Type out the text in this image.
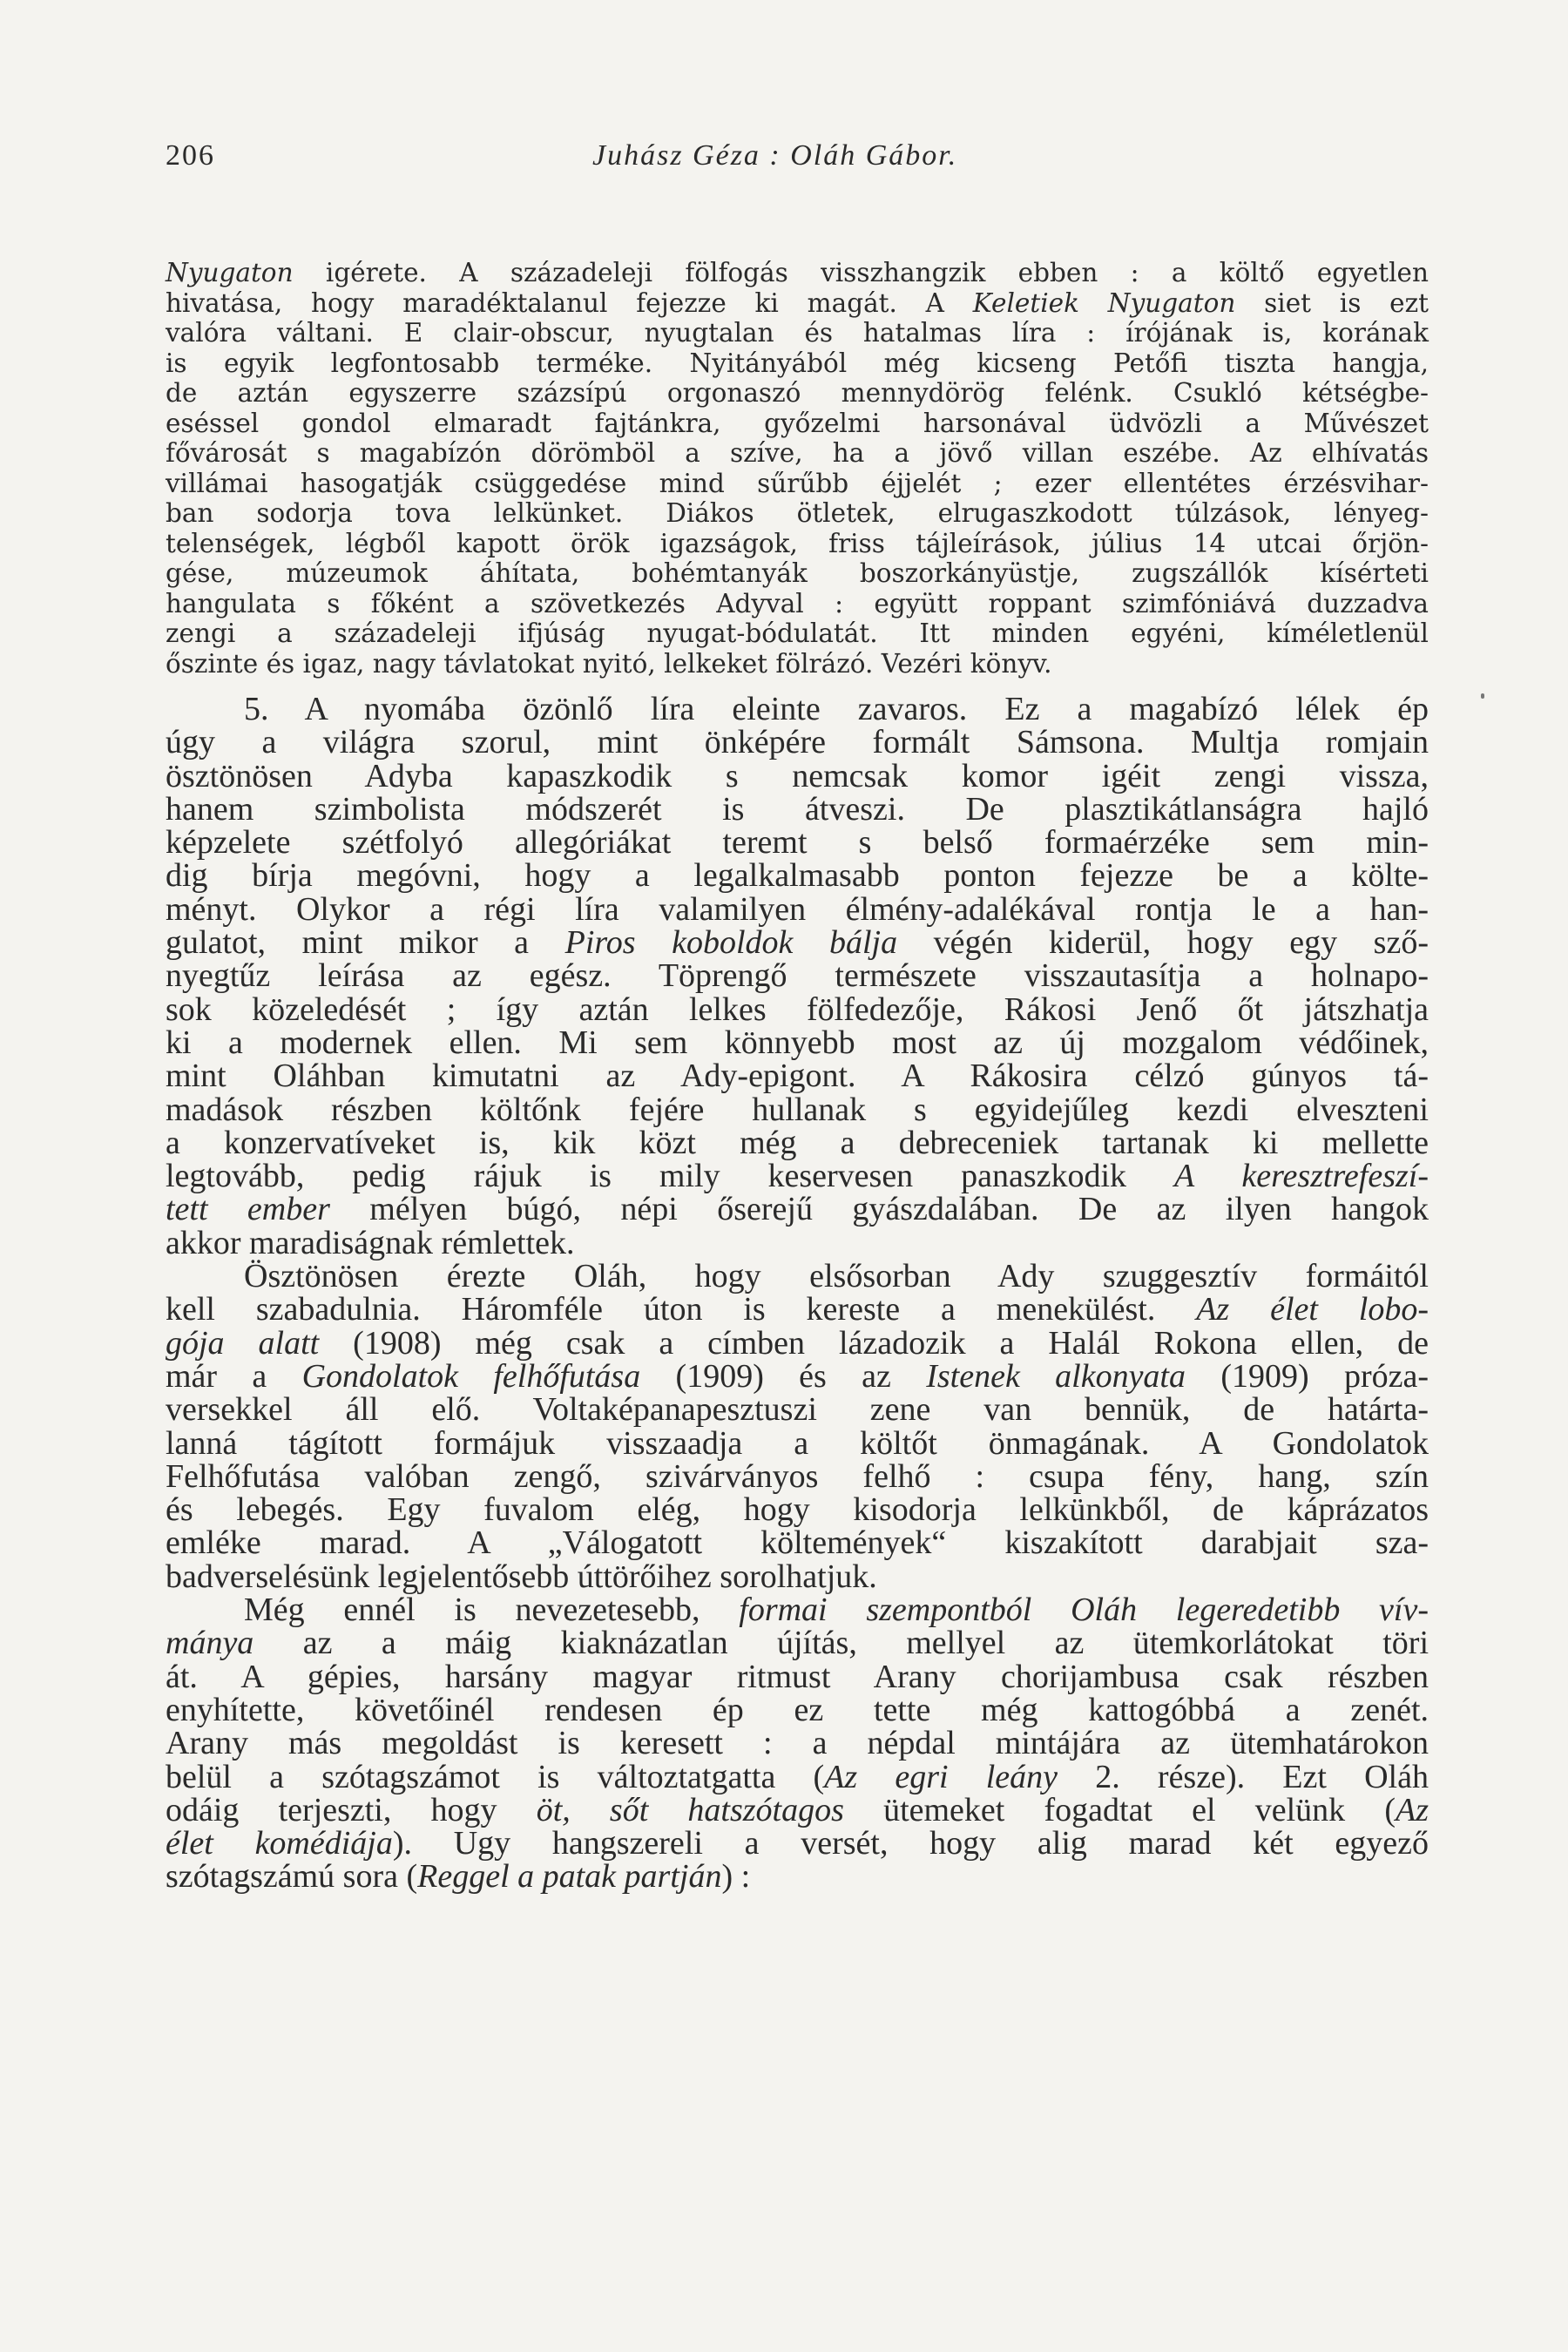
206	Juhász Géza : Oláh Gábor.
Nyugaton igérete. A századeleji fölfogás visszhangzik ebben : a költő egyetlen
hivatása, hogy maradéktalanul fejezze ki magát. A Keletiek Nyugaton siet is ezt
valóra váltani. E clair-obscur, nyugtalan és hatalmas líra : írójának is, korának
is egyik legfontosabb terméke. Nyitányából még kicseng Petőfi tiszta hangja,
de aztán egyszerre százsípú orgonaszó mennydörög felénk. Csukló kétségbe-
eséssel gondol elmaradt fajtánkra, győzelmi harsonával üdvözli a Művészet
fővárosát s magabízón dörömböl a szíve, ha a jövő villan eszébe. Az elhívatás
villámai hasogatják csüggedése mind sűrűbb éjjelét ; ezer ellentétes érzésvihar-
ban sodorja tova lelkünket. Diákos ötletek, elrugaszkodott túlzások, lényeg-
telenségek, légből kapott örök igazságok, friss tájleírások, július 14 utcai őrjön-
gése, múzeumok áhítata, bohémtanyák boszorkányüstje, zugszállók kísérteti
hangulata s főként a szövetkezés Adyval : együtt roppant szimfóniává duzzadva
zengi a századeleji ifjúság nyugat-bódulatát. Itt minden egyéni, kíméletlenül
őszinte és igaz, nagy távlatokat nyitó, lelkeket fölrázó. Vezéri könyv.
5. A nyomába özönlő líra eleinte zavaros. Ez a magabízó lélek ép
úgy a világra szorul, mint önképére formált Sámsona. Multja romjain
ösztönösen Adyba kapaszkodik s nemcsak komor igéit zengi vissza,
hanem szimbolista módszerét is átveszi. De plasztikátlanságra hajló
képzelete szétfolyó allegóriákat teremt s belső formaérzéke sem min-
dig bírja megóvni, hogy a legalkalmasabb ponton fejezze be a költe-
ményt. Olykor a régi líra valamilyen élmény-adalékával rontja le a han-
gulatot, mint mikor a Piros koboldok bálja végén kiderül, hogy egy sző-
nyegtűz leírása az egész. Töprengő természete visszautasítja a holnapo-
sok közeledését ; így aztán lelkes fölfedezője, Rákosi Jenő őt játszhatja
ki a modernek ellen. Mi sem könnyebb most az új mozgalom védőinek,
mint Oláhban kimutatni az Ady-epigont. A Rákosira célzó gúnyos tá-
madások részben költőnk fejére hullanak s egyidejűleg kezdi elveszteni
a konzervatíveket is, kik közt még a debreceniek tartanak ki mellette
legtovább, pedig rájuk is mily keservesen panaszkodik A keresztrefeszí-
tett ember mélyen búgó, népi őserejű gyászdalában. De az ilyen hangok
akkor maradiságnak rémlettek.
Ösztönösen érezte Oláh, hogy elsősorban Ady szuggesztív formáitól
kell szabadulnia. Háromféle úton is kereste a menekülést. Az élet lobo-
gója alatt (1908) még csak a címben lázadozik a Halál Rokona ellen, de
már a Gondolatok felhőfutása (1909) és az Istenek alkonyata (1909) próza-
versekkel áll elő. Voltaképanapesztuszi zene van bennük, de határta-
lanná tágított formájuk visszaadja a költőt önmagának. A Gondolatok
Felhőfutása valóban zengő, szivárványos felhő : csupa fény, hang, szín
és lebegés. Egy fuvalom elég, hogy kisodorja lelkünkből, de káprázatos
emléke marad. A „Válogatott költemények“ kiszakított darabjait sza-
badverselésünk legjelentősebb úttörőihez sorolhatjuk.
Még ennél is nevezetesebb, formai szempontból Oláh legeredetibb vív-
mánya az a máig kiaknázatlan újítás, mellyel az ütemkorlátokat töri
át. A gépies, harsány magyar ritmust Arany chorijambusa csak részben
enyhítette, követőinél rendesen ép ez tette még kattogóbbá a zenét.
Arany más megoldást is keresett : a népdal mintájára az ütemhatárokon
belül a szótagszámot is változtatgatta (Az egri leány 2. része). Ezt Oláh
odáig terjeszti, hogy öt, sőt hatszótagos ütemeket fogadtat el velünk (Az
élet komédiája). Ugy hangszereli a versét, hogy alig marad két egyező
szótagszámú sora (Reggel a patak partján) :
